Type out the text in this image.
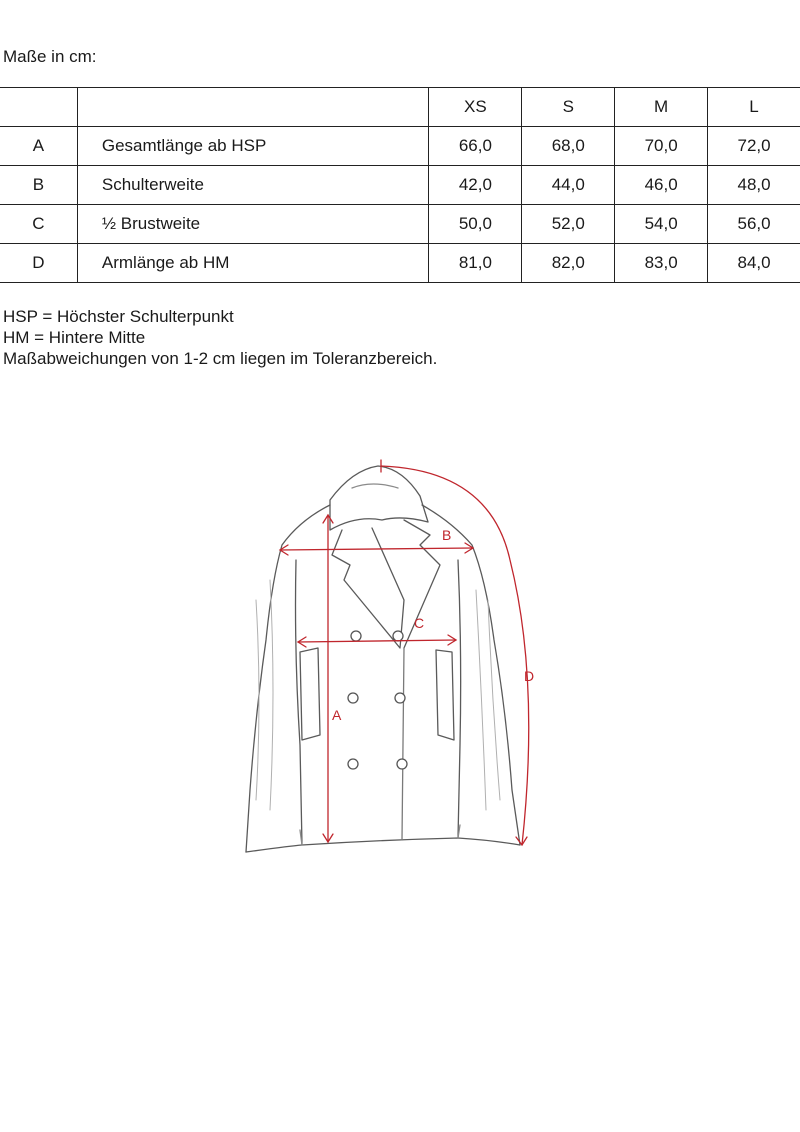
Maße in cm:
		XS	S	M	L
A	Gesamtlänge ab HSP	66,0	68,0	70,0	72,0
B	Schulterweite	42,0	44,0	46,0	48,0
C	½ Brustweite	50,0	52,0	54,0	56,0
D	Armlänge ab HM	81,0	82,0	83,0	84,0
HSP = Höchster Schulterpunkt
HM = Hintere Mitte
Maßabweichungen von 1-2 cm liegen im Toleranzbereich.
A
B
C
D
